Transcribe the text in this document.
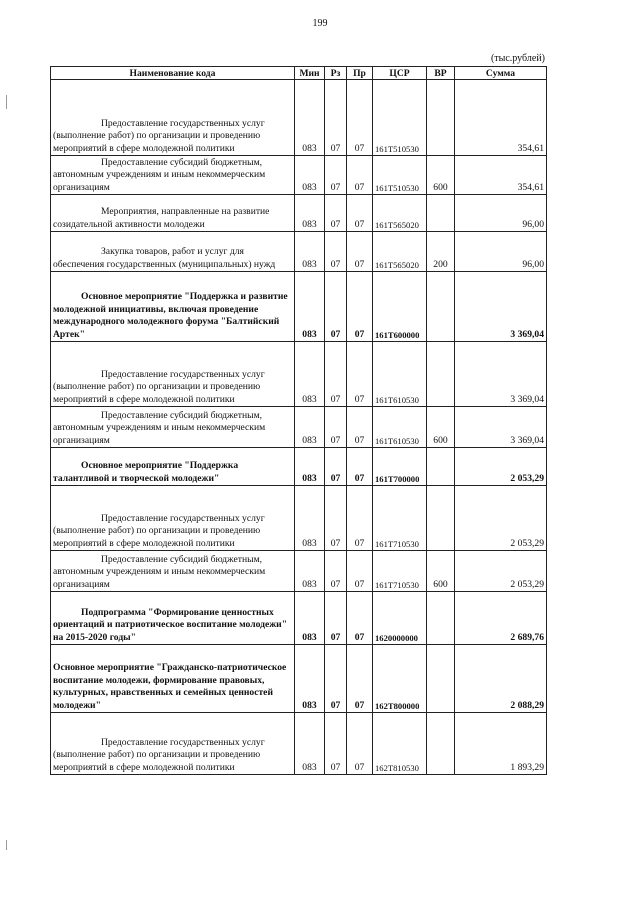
199
(тыс.рублей)
Наименование кода	Мин	Рз	Пр	ЦСР	ВР	Сумма

Предоставление государственных услуг (выполнение работ) по организации и проведению мероприятий в сфере молодежной политики	083	07	07	161T510530		354,61

Предоставление субсидий бюджетным, автономным учреждениям и иным некоммерческим организациям	083	07	07	161T510530	600	354,61

Мероприятия, направленные на развитие созидательной активности молодежи	083	07	07	161T565020		96,00

Закупка товаров, работ и услуг для обеспечения государственных (муниципальных) нужд	083	07	07	161T565020	200	96,00

Основное мероприятие "Поддержка и развитие молодежной инициативы, включая проведение международного молодежного форума "Балтийский Артек"	083	07	07	161T600000		3 369,04

Предоставление государственных услуг (выполнение работ) по организации и проведению мероприятий в сфере молодежной политики	083	07	07	161T610530		3 369,04

Предоставление субсидий бюджетным, автономным учреждениям и иным некоммерческим организациям	083	07	07	161T610530	600	3 369,04

Основное мероприятие "Поддержка талантливой и творческой молодежи"	083	07	07	161T700000		2 053,29

Предоставление государственных услуг (выполнение работ) по организации и проведению мероприятий в сфере молодежной политики	083	07	07	161T710530		2 053,29

Предоставление субсидий бюджетным, автономным учреждениям и иным некоммерческим организациям	083	07	07	161T710530	600	2 053,29

Подпрограмма "Формирование ценностных ориентаций и патриотическое воспитание молодежи" на 2015-2020 годы"	083	07	07	1620000000		2 689,76

Основное мероприятие "Гражданско-патриотическое воспитание молодежи, формирование правовых, культурных, нравственных и семейных ценностей молодежи"	083	07	07	162T800000		2 088,29

Предоставление государственных услуг (выполнение работ) по организации и проведению мероприятий в сфере молодежной политики	083	07	07	162T810530		1 893,29
